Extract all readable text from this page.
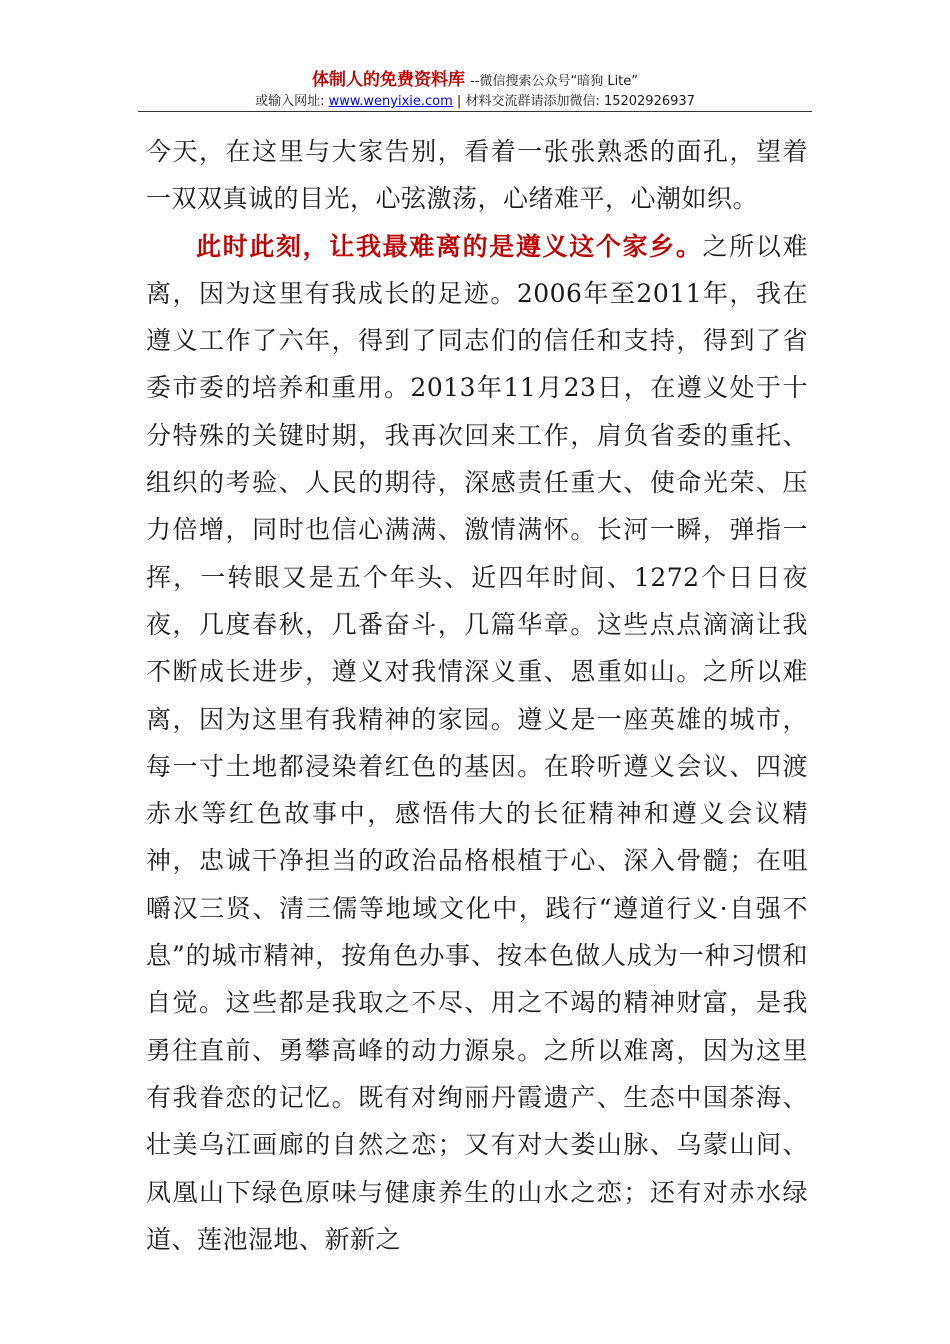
体制人的免费资料库 --微信搜索公众号“暗狗 Lite”
或输入网址: www.wenyixie.com | 材料交流群请添加微信: 15202926937

今天，在这里与大家告别，看着一张张熟悉的面孔，望着一双双真诚的目光，心弦激荡，心绪难平，心潮如织。

此时此刻，让我最难离的是遵义这个家乡。之所以难离，因为这里有我成长的足迹。2006年至2011年，我在遵义工作了六年，得到了同志们的信任和支持，得到了省委市委的培养和重用。2013年11月23日，在遵义处于十分特殊的关键时期，我再次回来工作，肩负省委的重托、组织的考验、人民的期待，深感责任重大、使命光荣、压力倍增，同时也信心满满、激情满怀。长河一瞬，弹指一挥，一转眼又是五个年头、近四年时间、1272个日日夜夜，几度春秋，几番奋斗，几篇华章。这些点点滴滴让我不断成长进步，遵义对我情深义重、恩重如山。之所以难离，因为这里有我精神的家园。遵义是一座英雄的城市，每一寸土地都浸染着红色的基因。在聆听遵义会议、四渡赤水等红色故事中，感悟伟大的长征精神和遵义会议精神，忠诚干净担当的政治品格根植于心、深入骨髓；在咀嚼汉三贤、清三儒等地域文化中，践行“遵道行义·自强不息”的城市精神，按角色办事、按本色做人成为一种习惯和自觉。这些都是我取之不尽、用之不竭的精神财富，是我勇往直前、勇攀高峰的动力源泉。之所以难离，因为这里有我眷恋的记忆。既有对绚丽丹霞遗产、生态中国茶海、壮美乌江画廊的自然之恋；又有对大娄山脉、乌蒙山间、凤凰山下绿色原味与健康养生的山水之恋；还有对赤水绿道、莲池湿地、新新之
